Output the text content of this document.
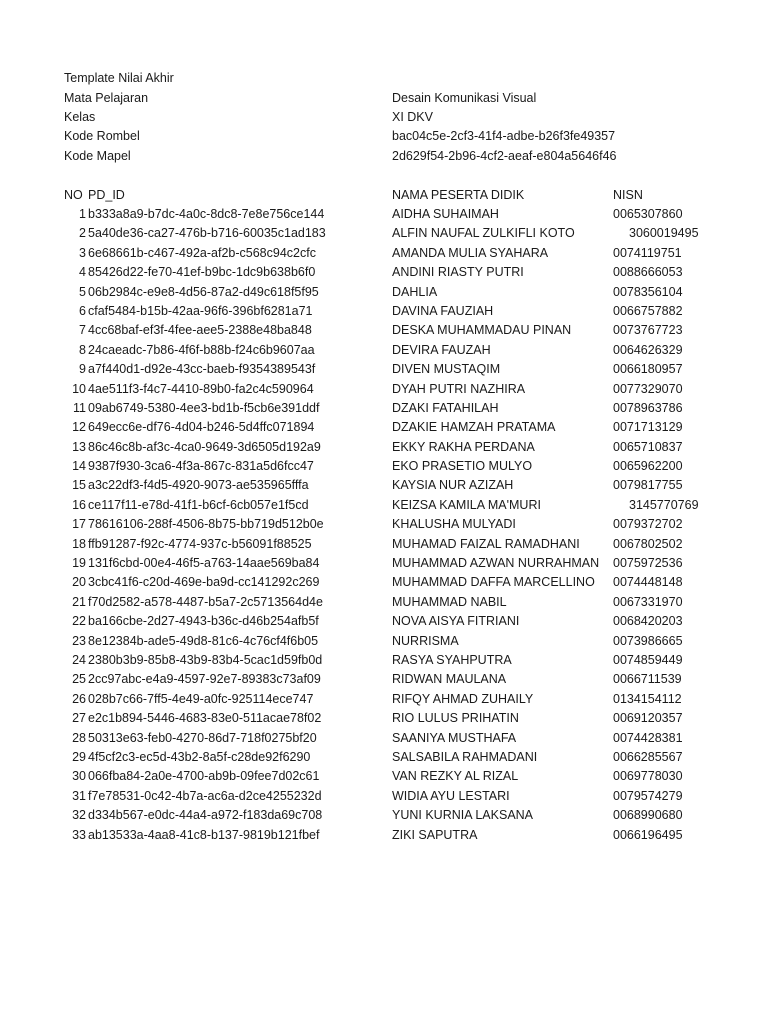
Template Nilai Akhir
Mata Pelajaran	Desain Komunikasi Visual
Kelas	XI DKV
Kode Rombel	bac04c5e-2cf3-41f4-adbe-b26f3fe49357
Kode Mapel	2d629f54-2b96-4cf2-aeaf-e804a5646f46
NO PD_ID	NAMA PESERTA DIDIK	NISN
1 b333a8a9-b7dc-4a0c-8dc8-7e8e756ce144	AIDHA SUHAIMAH	0065307860
2 5a40de36-ca27-476b-b716-60035c1ad183	ALFIN NAUFAL ZULKIFLI KOTO	3060019495
3 6e68661b-c467-492a-af2b-c568c94c2cfc	AMANDA MULIA SYAHARA	0074119751
4 85426d22-fe70-41ef-b9bc-1dc9b638b6f0	ANDINI RIASTY PUTRI	0088666053
5 06b2984c-e9e8-4d56-87a2-d49c618f5f95	DAHLIA	0078356104
6 cfaf5484-b15b-42aa-96f6-396bf6281a71	DAVINA FAUZIAH	0066757882
7 4cc68baf-ef3f-4fee-aee5-2388e48ba848	DESKA MUHAMMADAU PINAN	0073767723
8 24caeadc-7b86-4f6f-b88b-f24c6b9607aa	DEVIRA FAUZAH	0064626329
9 a7f440d1-d92e-43cc-baeb-f9354389543f	DIVEN MUSTAQIM	0066180957
10 4ae511f3-f4c7-4410-89b0-fa2c4c590964	DYAH PUTRI NAZHIRA	0077329070
11 09ab6749-5380-4ee3-bd1b-f5cb6e391ddf	DZAKI FATAHILAH	0078963786
12 649ecc6e-df76-4d04-b246-5d4ffc071894	DZAKIE HAMZAH PRATAMA	0071713129
13 86c46c8b-af3c-4ca0-9649-3d6505d192a9	EKKY RAKHA PERDANA	0065710837
14 9387f930-3ca6-4f3a-867c-831a5d6fcc47	EKO PRASETIO MULYO	0065962200
15 a3c22df3-f4d5-4920-9073-ae535965fffa	KAYSIA NUR AZIZAH	0079817755
16 ce117f11-e78d-41f1-b6cf-6cb057e1f5cd	KEIZSA KAMILA MA'MURI	3145770769
17 78616106-288f-4506-8b75-bb719d512b0e	KHALUSHA MULYADI	0079372702
18 ffb91287-f92c-4774-937c-b56091f88525	MUHAMAD FAIZAL RAMADHANI	0067802502
19 131f6cbd-00e4-46f5-a763-14aae569ba84	MUHAMMAD AZWAN NURRAHMAN 0075972536
20 3cbc41f6-c20d-469e-ba9d-cc141292c269	MUHAMMAD DAFFA MARCELLINO 0074448148
21 f70d2582-a578-4487-b5a7-2c5713564d4e	MUHAMMAD NABIL	0067331970
22 ba166cbe-2d27-4943-b36c-d46b254afb5f	NOVA AISYA FITRIANI	0068420203
23 8e12384b-ade5-49d8-81c6-4c76cf4f6b05	NURRISMA	0073986665
24 2380b3b9-85b8-43b9-83b4-5cac1d59fb0d	RASYA SYAHPUTRA	0074859449
25 2cc97abc-e4a9-4597-92e7-89383c73af09	RIDWAN MAULANA	0066711539
26 028b7c66-7ff5-4e49-a0fc-925114ece747	RIFQY AHMAD ZUHAILY	0134154112
27 e2c1b894-5446-4683-83e0-511acae78f02	RIO LULUS PRIHATIN	0069120357
28 50313e63-feb0-4270-86d7-718f0275bf20	SAANIYA MUSTHAFA	0074428381
29 4f5cf2c3-ec5d-43b2-8a5f-c28de92f6290	SALSABILA RAHMADANI	0066285567
30 066fba84-2a0e-4700-ab9b-09fee7d02c61	VAN REZKY AL RIZAL	0069778030
31 f7e78531-0c42-4b7a-ac6a-d2ce4255232d	WIDIA AYU LESTARI	0079574279
32 d334b567-e0dc-44a4-a972-f183da69c708	YUNI KURNIA LAKSANA	0068990680
33 ab13533a-4aa8-41c8-b137-9819b121fbef	ZIKI SAPUTRA	0066196495
